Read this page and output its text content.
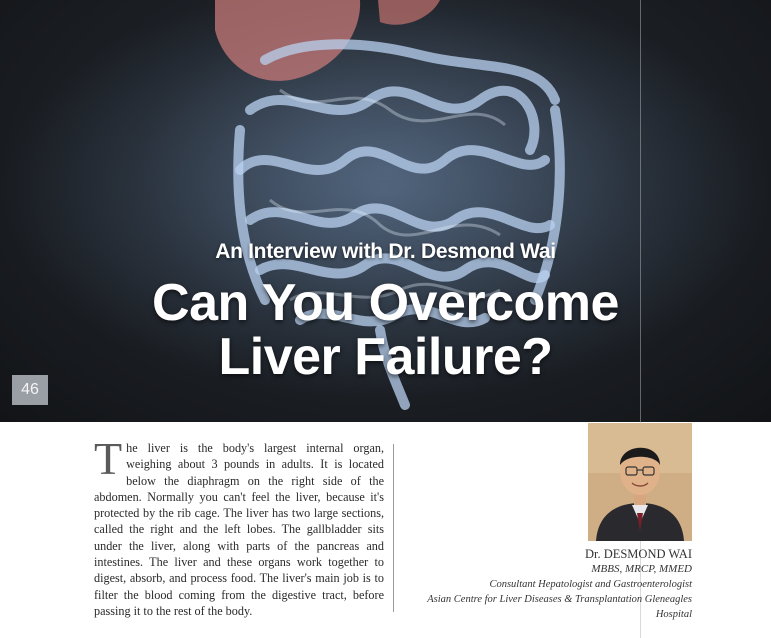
An Interview with Dr. Desmond Wai
Can You Overcome
Liver Failure?
46
The liver is the body's largest internal organ, weighing about 3 pounds in adults. It is located below the diaphragm on the right side of the abdomen. Normally you can't feel the liver, because it's protected by the rib cage. The liver has two large sections, called the right and the left lobes. The gallbladder sits under the liver, along with parts of the pancreas and intestines. The liver and these organs work together to digest, absorb, and process food. The liver's main job is to filter the blood coming from the digestive tract, before passing it to the rest of the body.
Dr. DESMOND WAI
MBBS, MRCP, MMED
Consultant Hepatologist and Gastroenterologist
Asian Centre for Liver Diseases & Transplantation Gleneagles Hospital
